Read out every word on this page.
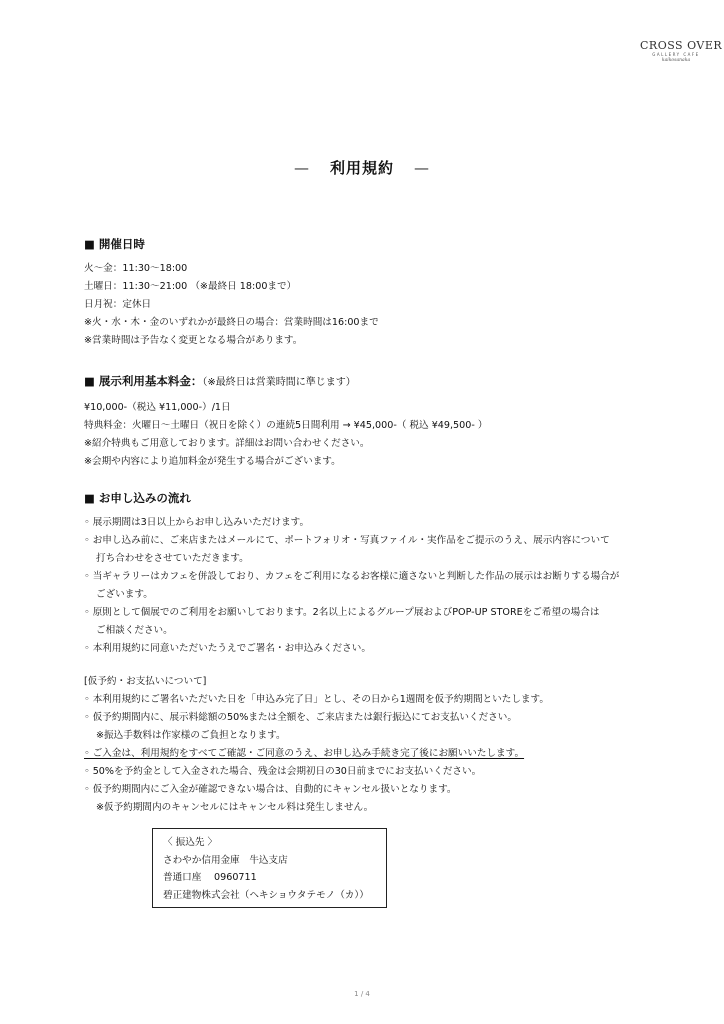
CROSS OVER
GALLERY CAFE
kaikosanaka
— 利用規約 —
■ 開催日時
火〜金：11:30〜18:00
土曜日：11:30〜21:00 （※最終日 18:00まで）
日月祝：定休日
※火・水・木・金のいずれかが最終日の場合：営業時間は16:00まで
※営業時間は予告なく変更となる場合があります。
■ 展示利用基本料金：（※最終日は営業時間に準じます）
¥10,000-（税込 ¥11,000-）/1日
特典料金：火曜日〜土曜日（祝日を除く）の連続5日間利用 → ¥45,000-（ 税込 ¥49,500- ）
※紹介特典もご用意しております。詳細はお問い合わせください。
※会期や内容により追加料金が発生する場合がございます。
■ お申し込みの流れ
◦ 展示期間は3日以上からお申し込みいただけます。
◦ お申し込み前に、ご来店またはメールにて、ポートフォリオ・写真ファイル・実作品をご提示のうえ、展示内容について
打ち合わせをさせていただきます。
◦ 当ギャラリーはカフェを併設しており、カフェをご利用になるお客様に適さないと判断した作品の展示はお断りする場合が
ございます。
◦ 原則として個展でのご利用をお願いしております。2名以上によるグループ展およびPOP-UP STOREをご希望の場合は
ご相談ください。
◦ 本利用規約に同意いただいたうえでご署名・お申込みください。
[仮予約・お支払いについて]
◦ 本利用規約にご署名いただいた日を「申込み完了日」とし、その日から1週間を仮予約期間といたします。
◦ 仮予約期間内に、展示料総額の50%または全額を、ご来店または銀行振込にてお支払いください。
※振込手数料は作家様のご負担となります。
◦ ご入金は、利用規約をすべてご確認・ご同意のうえ、お申し込み手続き完了後にお願いいたします。
◦ 50%を予約金として入金された場合、残金は会期初日の30日前までにお支払いください。
◦ 仮予約期間内にご入金が確認できない場合は、自動的にキャンセル扱いとなります。
※仮予約期間内のキャンセルにはキャンセル料は発生しません。
〈 振込先 〉
さわやか信用金庫　牛込支店
普通口座　 0960711
碧正建物株式会社（ヘキショウタテモノ（カ））
1 / 4
